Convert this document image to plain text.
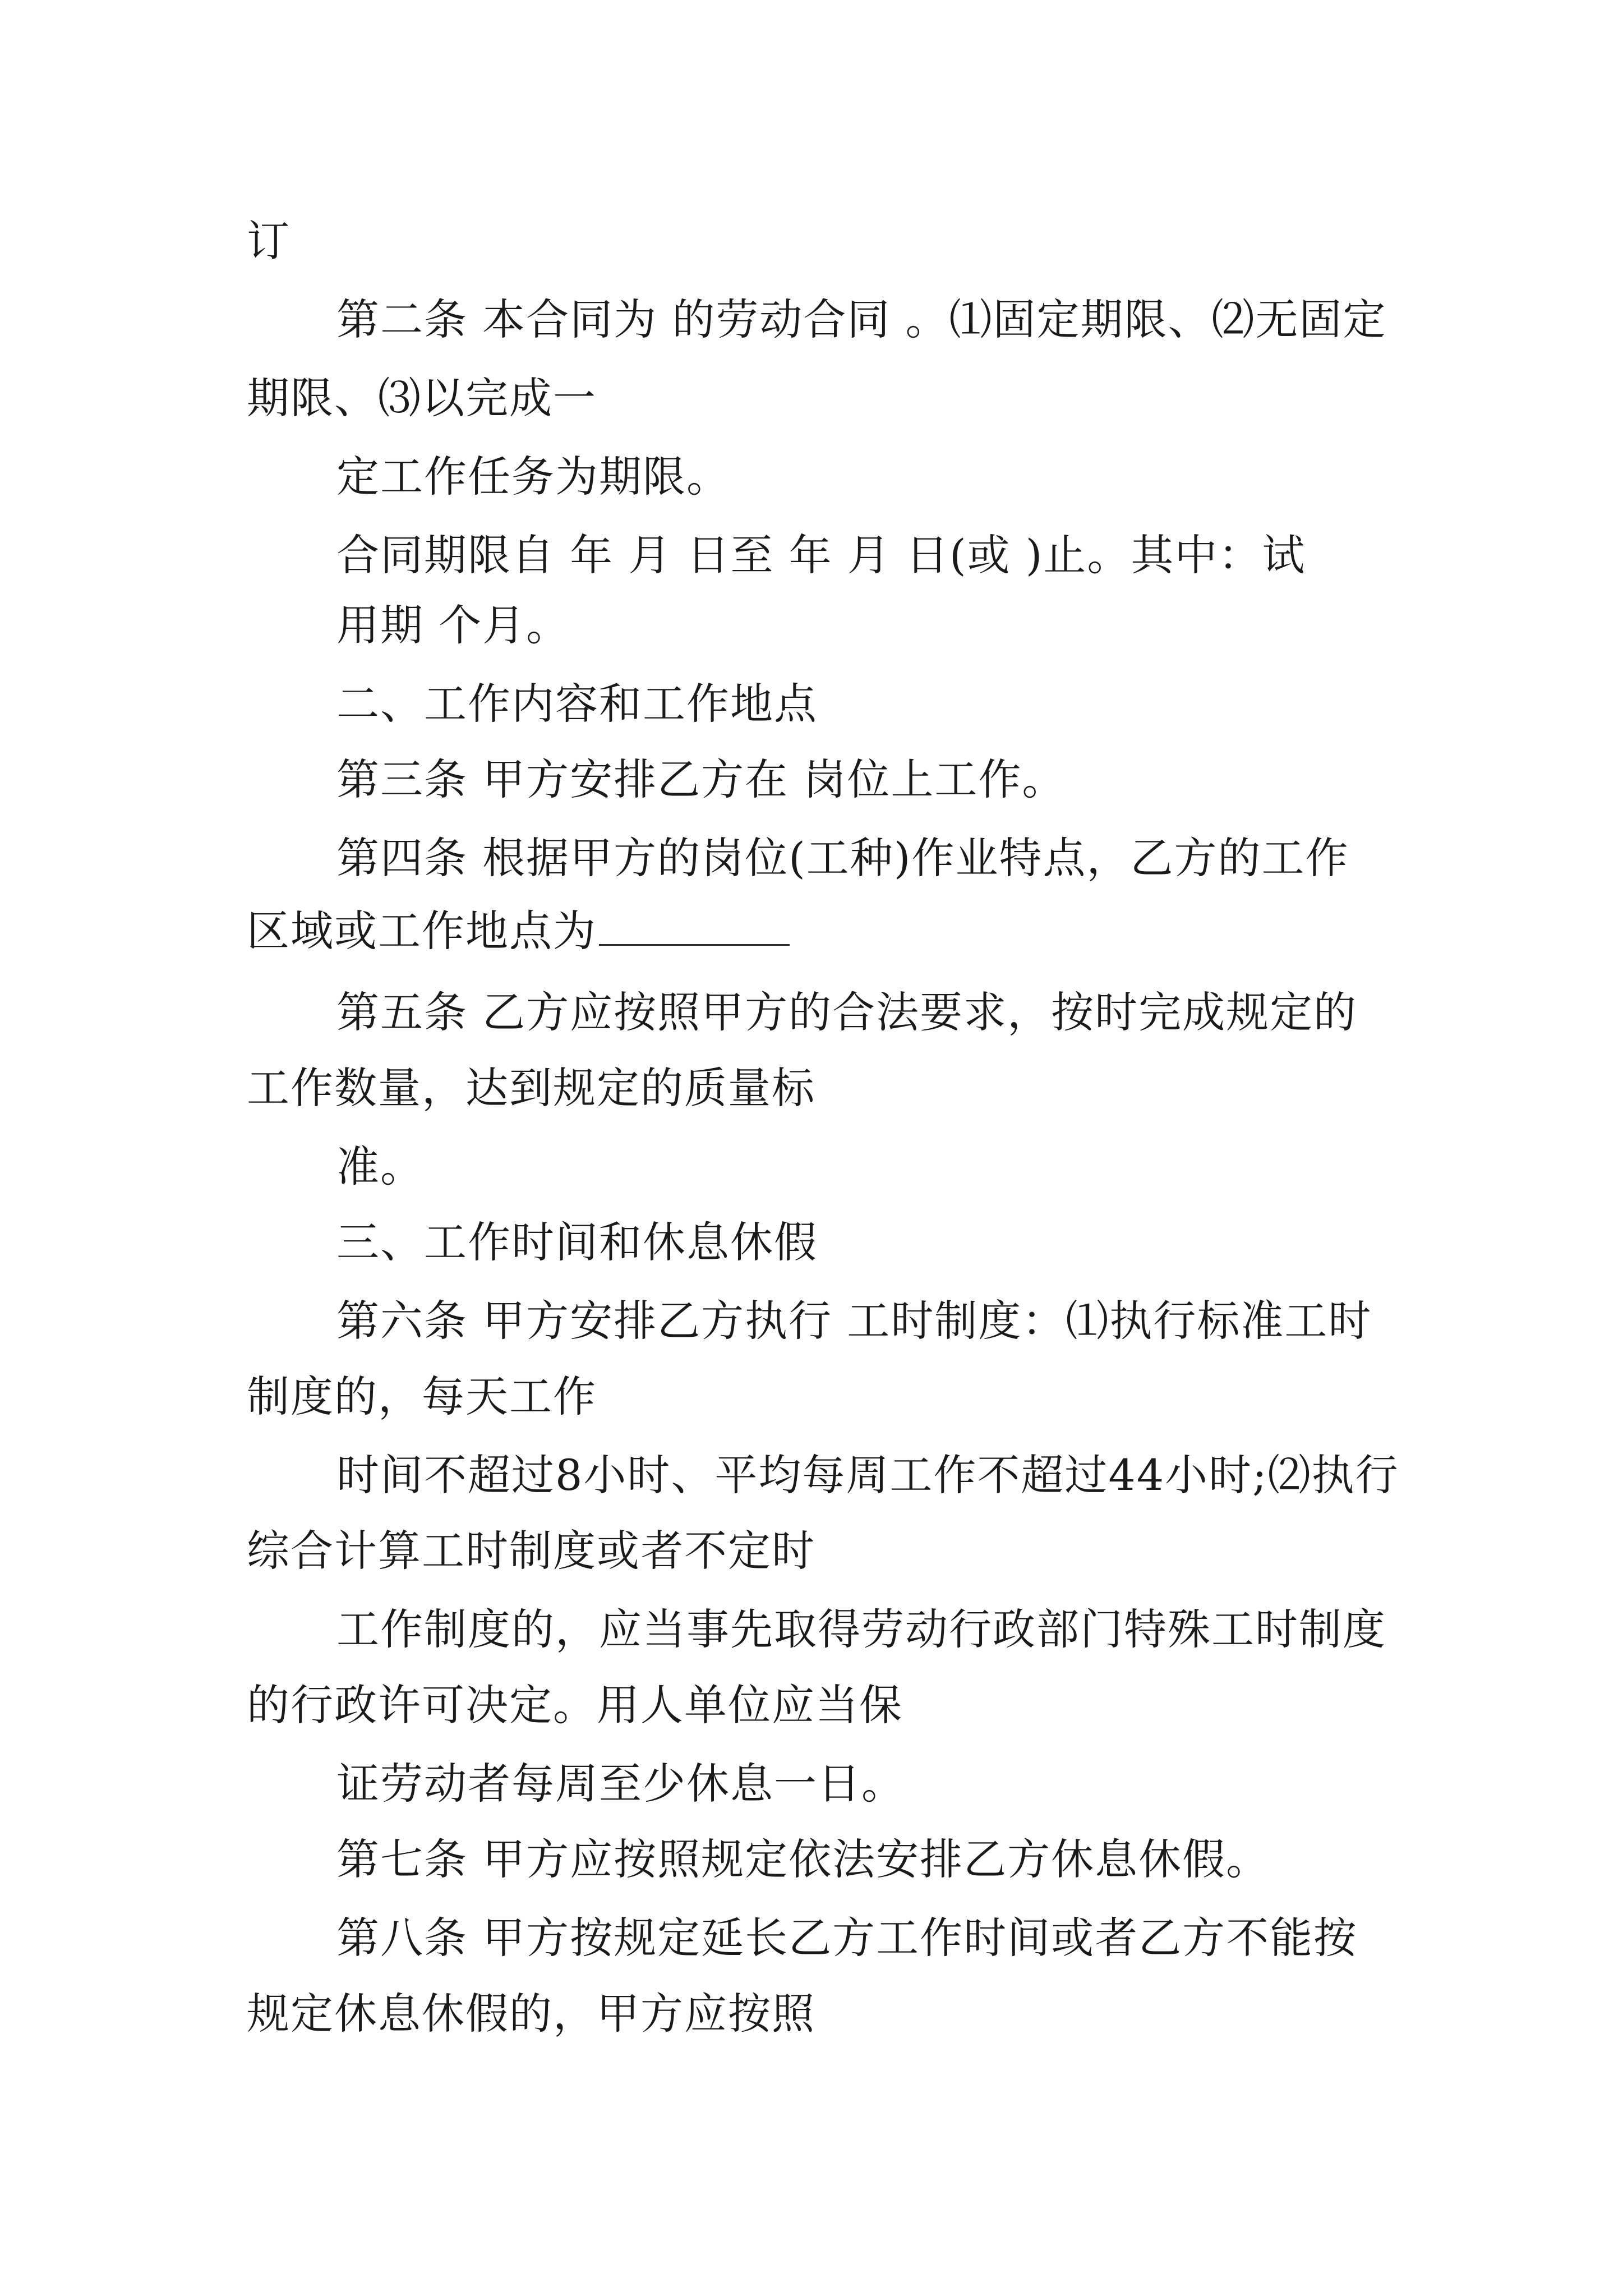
订

第二条 本合同为 的劳动合同 。⑴固定期限、⑵无固定

期限、⑶以完成一

定工作任务为期限。

合同期限自 年 月 日至 年 月 日(或 )止。其中：试

用期 个月。

二、工作内容和工作地点

第三条 甲方安排乙方在 岗位上工作。

第四条 根据甲方的岗位(工种)作业特点，乙方的工作

区域或工作地点为

第五条 乙方应按照甲方的合法要求，按时完成规定的

工作数量，达到规定的质量标

准。

三、工作时间和休息休假

第六条 甲方安排乙方执行 工时制度：⑴执行标准工时

制度的，每天工作

时间不超过8小时、平均每周工作不超过44小时;⑵执行

综合计算工时制度或者不定时

工作制度的，应当事先取得劳动行政部门特殊工时制度

的行政许可决定。用人单位应当保

证劳动者每周至少休息一日。

第七条 甲方应按照规定依法安排乙方休息休假。

第八条 甲方按规定延长乙方工作时间或者乙方不能按

规定休息休假的，甲方应按照
